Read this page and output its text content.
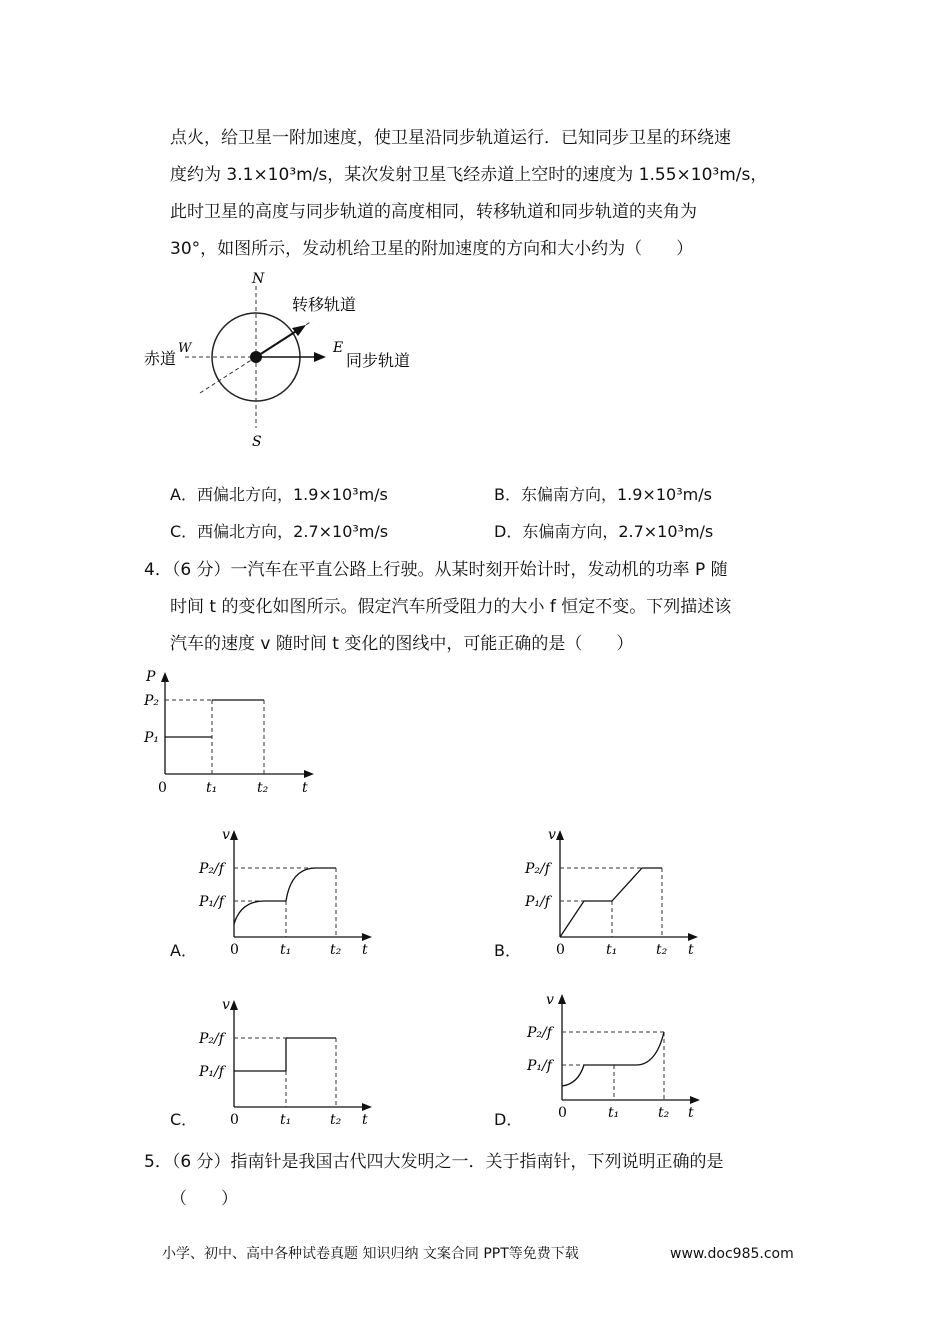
点火，给卫星一附加速度，使卫星沿同步轨道运行．已知同步卫星的环绕速
度约为 3.1×10³m/s，某次发射卫星飞经赤道上空时的速度为 1.55×10³m/s，
此时卫星的高度与同步轨道的高度相同，转移轨道和同步轨道的夹角为
30°，如图所示，发动机给卫星的附加速度的方向和大小约为（　　）
N
S
W	E
转移轨道
赤道	同步轨道
A．西偏北方向，1.9×10³m/s	B．东偏南方向，1.9×10³m/s
C．西偏北方向，2.7×10³m/s	D．东偏南方向，2.7×10³m/s
4．（6 分）一汽车在平直公路上行驶。从某时刻开始计时，发动机的功率 P 随
时间 t 的变化如图所示。假定汽车所受阻力的大小 f 恒定不变。下列描述该
汽车的速度 v 随时间 t 变化的图线中，可能正确的是（　　）
P
P₂
P₁
0	t₁	t₂ t
v
P₂/f
P₁/f
0	t₁	t₂ t
A．
v
P₂/f
P₁/f
0	t₁	t₂ t
B．
v
P₂/f
P₁/f
0	t₁	t₂ t
C．
v
P₂/f
P₁/f
0	t₁	t₂ t
D．
5．（6 分）指南针是我国古代四大发明之一．关于指南针，下列说明正确的是
（　　）
小学、初中、高中各种试卷真题 知识归纳 文案合同 PPT等免费下载	www.doc985.com
